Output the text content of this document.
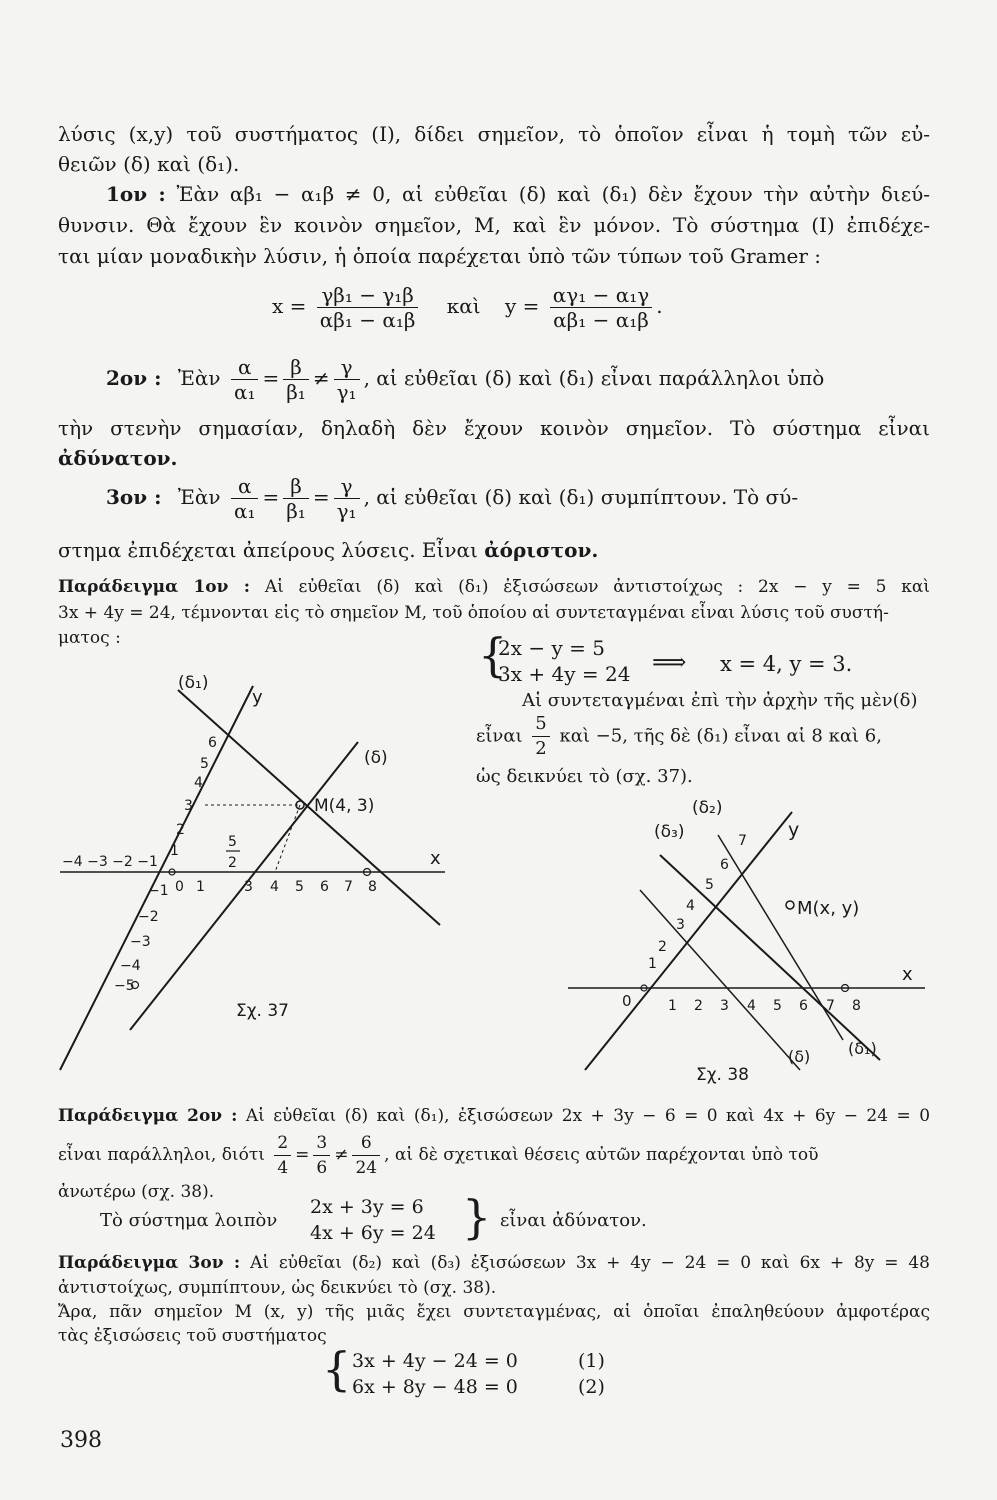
λύσις (x,y) τοῦ συστήματος (I), δίδει σημεῖον, τὸ ὁποῖον εἶναι ἡ τομὴ τῶν εὐ-
θειῶν (δ) καὶ (δ₁).
1ον : Ἐὰν αβ₁ − α₁β ≠ 0, αἱ εὐθεῖαι (δ) καὶ (δ₁) δὲν ἔχουν τὴν αὐτὴν διεύ-
θυνσιν. Θὰ ἔχουν ἓν κοινὸν σημεῖον, Μ, καὶ ἓν μόνον. Τὸ σύστημα (I) ἐπιδέχε-
ται μίαν μοναδικὴν λύσιν, ἡ ὁποία παρέχεται ὑπὸ τῶν τύπων τοῦ Gramer :
$x = \frac{\text{γβ₁ − γ₁β}}{\text{αβ₁ − α₁β}}$ καὶ $y = \frac{\text{αγ₁ − α₁γ}}{\text{αβ₁ − α₁β}}$ .
2ον : Ἐὰν $\frac{\alpha}{\text{α₁}} = \frac{\beta}{\text{β₁}} \ne \frac{\gamma}{\text{γ₁}}$ , αἱ εὐθεῖαι (δ) καὶ (δ₁) εἶναι παράλληλοι ὑπὸ
τὴν στενὴν σημασίαν, δηλαδὴ δὲν ἔχουν κοινὸν σημεῖον. Τὸ σύστημα εἶναι
ἀδύνατον.
3ον : Ἐὰν $\frac{\alpha}{\text{α₁}} = \frac{\beta}{\text{β₁}} = \frac{\gamma}{\text{γ₁}}$ , αἱ εὐθεῖαι (δ) καὶ (δ₁) συμπίπτουν. Τὸ σύ-
στημα ἐπιδέχεται ἀπείρους λύσεις. Εἶναι ἀόριστον.
Παράδειγμα 1ον : Αἱ εὐθεῖαι (δ) καὶ (δ₁) ἐξισώσεων ἀντιστοίχως : 2x − y = 5 καὶ
3x + 4y = 24, τέμνονται εἰς τὸ σημεῖον Μ, τοῦ ὁποίου αἱ συντεταγμέναι εἶναι λύσις τοῦ συστή-
ματος :	{
2x − y = 5
3x + 4y = 24 ⟹ x = 4, y = 3.
Αἱ συντεταγμέναι ἐπὶ τὴν ἀρχὴν τῆς μὲν(δ)
εἶναι $\frac{5}{2}$ καὶ −5, τῆς δὲ (δ₁) εἶναι αἱ 8 καὶ 6,
ὡς δεικνύει τὸ (σχ. 37).
(δ₁)
y
(δ)
x
M(4, 3)
−4 −3 −2 −1
0 1	3 4 5 6 7 8
5
2
1
2
3
4
5
6
−1
−2
−3
−4
−5
Σχ. 37
(δ₂)
(δ₃)	y
M(x, y)
x
0	1 2 3 4 5 6 7 8
1
2
3
4
5
6
7
(δ) (δ₁)
Σχ. 38
Παράδειγμα 2ον : Αἱ εὐθεῖαι (δ) καὶ (δ₁), ἐξισώσεων 2x + 3y − 6 = 0 καὶ 4x + 6y − 24 = 0
εἶναι παράλληλοι, διότι $\frac{2}{4} = \frac{3}{6} \ne \frac{6}{24}$ , αἱ δὲ σχετικαὶ θέσεις αὐτῶν παρέχονται ὑπὸ τοῦ
ἀνωτέρω (σχ. 38).
Τὸ σύστημα λοιπὸν
2x + 3y = 6
4x + 6y = 24 } εἶναι ἀδύνατον.
Παράδειγμα 3ον : Αἱ εὐθεῖαι (δ₂) καὶ (δ₃) ἐξισώσεων 3x + 4y − 24 = 0 καὶ 6x + 8y = 48
ἀντιστοίχως, συμπίπτουν, ὡς δεικνύει τὸ (σχ. 38).
Ἄρα, πᾶν σημεῖον Μ (x, y) τῆς μιᾶς ἔχει συντεταγμένας, αἱ ὁποῖαι ἐπαληθεύουν ἀμφοτέρας
τὰς ἐξισώσεις τοῦ συστήματος
{ 3x + 4y − 24 = 0	(1)
6x + 8y − 48 = 0	(2)
398
